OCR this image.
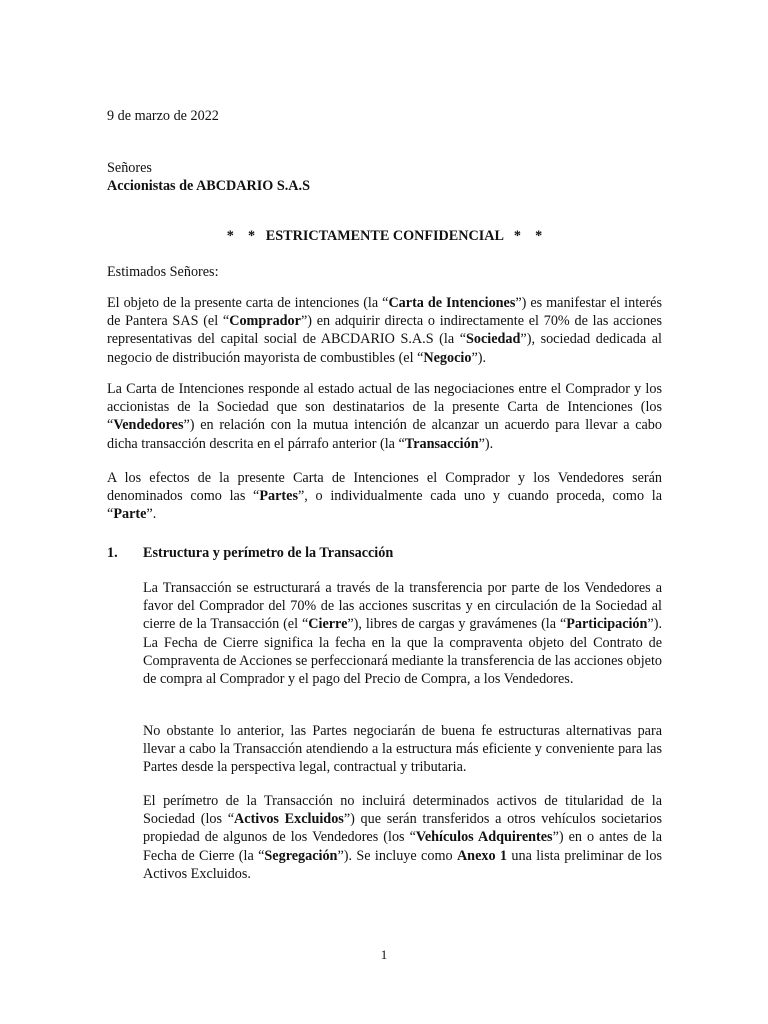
9 de marzo de 2022
Señores
Accionistas de ABCDARIO S.A.S
*    *   ESTRICTAMENTE CONFIDENCIAL   *    *
Estimados Señores:
El objeto de la presente carta de intenciones (la “Carta de Intenciones”) es manifestar el interés de Pantera SAS (el “Comprador”) en adquirir directa o indirectamente el 70% de las acciones representativas del capital social de ABCDARIO S.A.S (la “Sociedad”), sociedad dedicada al negocio de distribución mayorista de combustibles (el “Negocio”).
La Carta de Intenciones responde al estado actual de las negociaciones entre el Comprador y los accionistas de la Sociedad que son destinatarios de la presente Carta de Intenciones (los “Vendedores”) en relación con la mutua intención de alcanzar un acuerdo para llevar a cabo dicha transacción descrita en el párrafo anterior (la “Transacción”).
A los efectos de la presente Carta de Intenciones el Comprador y los Vendedores serán denominados como las “Partes”, o individualmente cada uno y cuando proceda, como la “Parte”.
1. Estructura y perímetro de la Transacción
La Transacción se estructurará a través de la transferencia por parte de los Vendedores a favor del Comprador del 70% de las acciones suscritas y en circulación de la Sociedad al cierre de la Transacción (el “Cierre”), libres de cargas y gravámenes (la “Participación”). La Fecha de Cierre significa la fecha en la que la compraventa objeto del Contrato de Compraventa de Acciones se perfeccionará mediante la transferencia de las acciones objeto de compra al Comprador y el pago del Precio de Compra, a los Vendedores.
No obstante lo anterior, las Partes negociarán de buena fe estructuras alternativas para llevar a cabo la Transacción atendiendo a la estructura más eficiente y conveniente para las Partes desde la perspectiva legal, contractual y tributaria.
El perímetro de la Transacción no incluirá determinados activos de titularidad de la Sociedad (los “Activos Excluidos”) que serán transferidos a otros vehículos societarios propiedad de algunos de los Vendedores (los “Vehículos Adquirentes”) en o antes de la Fecha de Cierre (la “Segregación”). Se incluye como Anexo 1 una lista preliminar de los Activos Excluidos.
1
